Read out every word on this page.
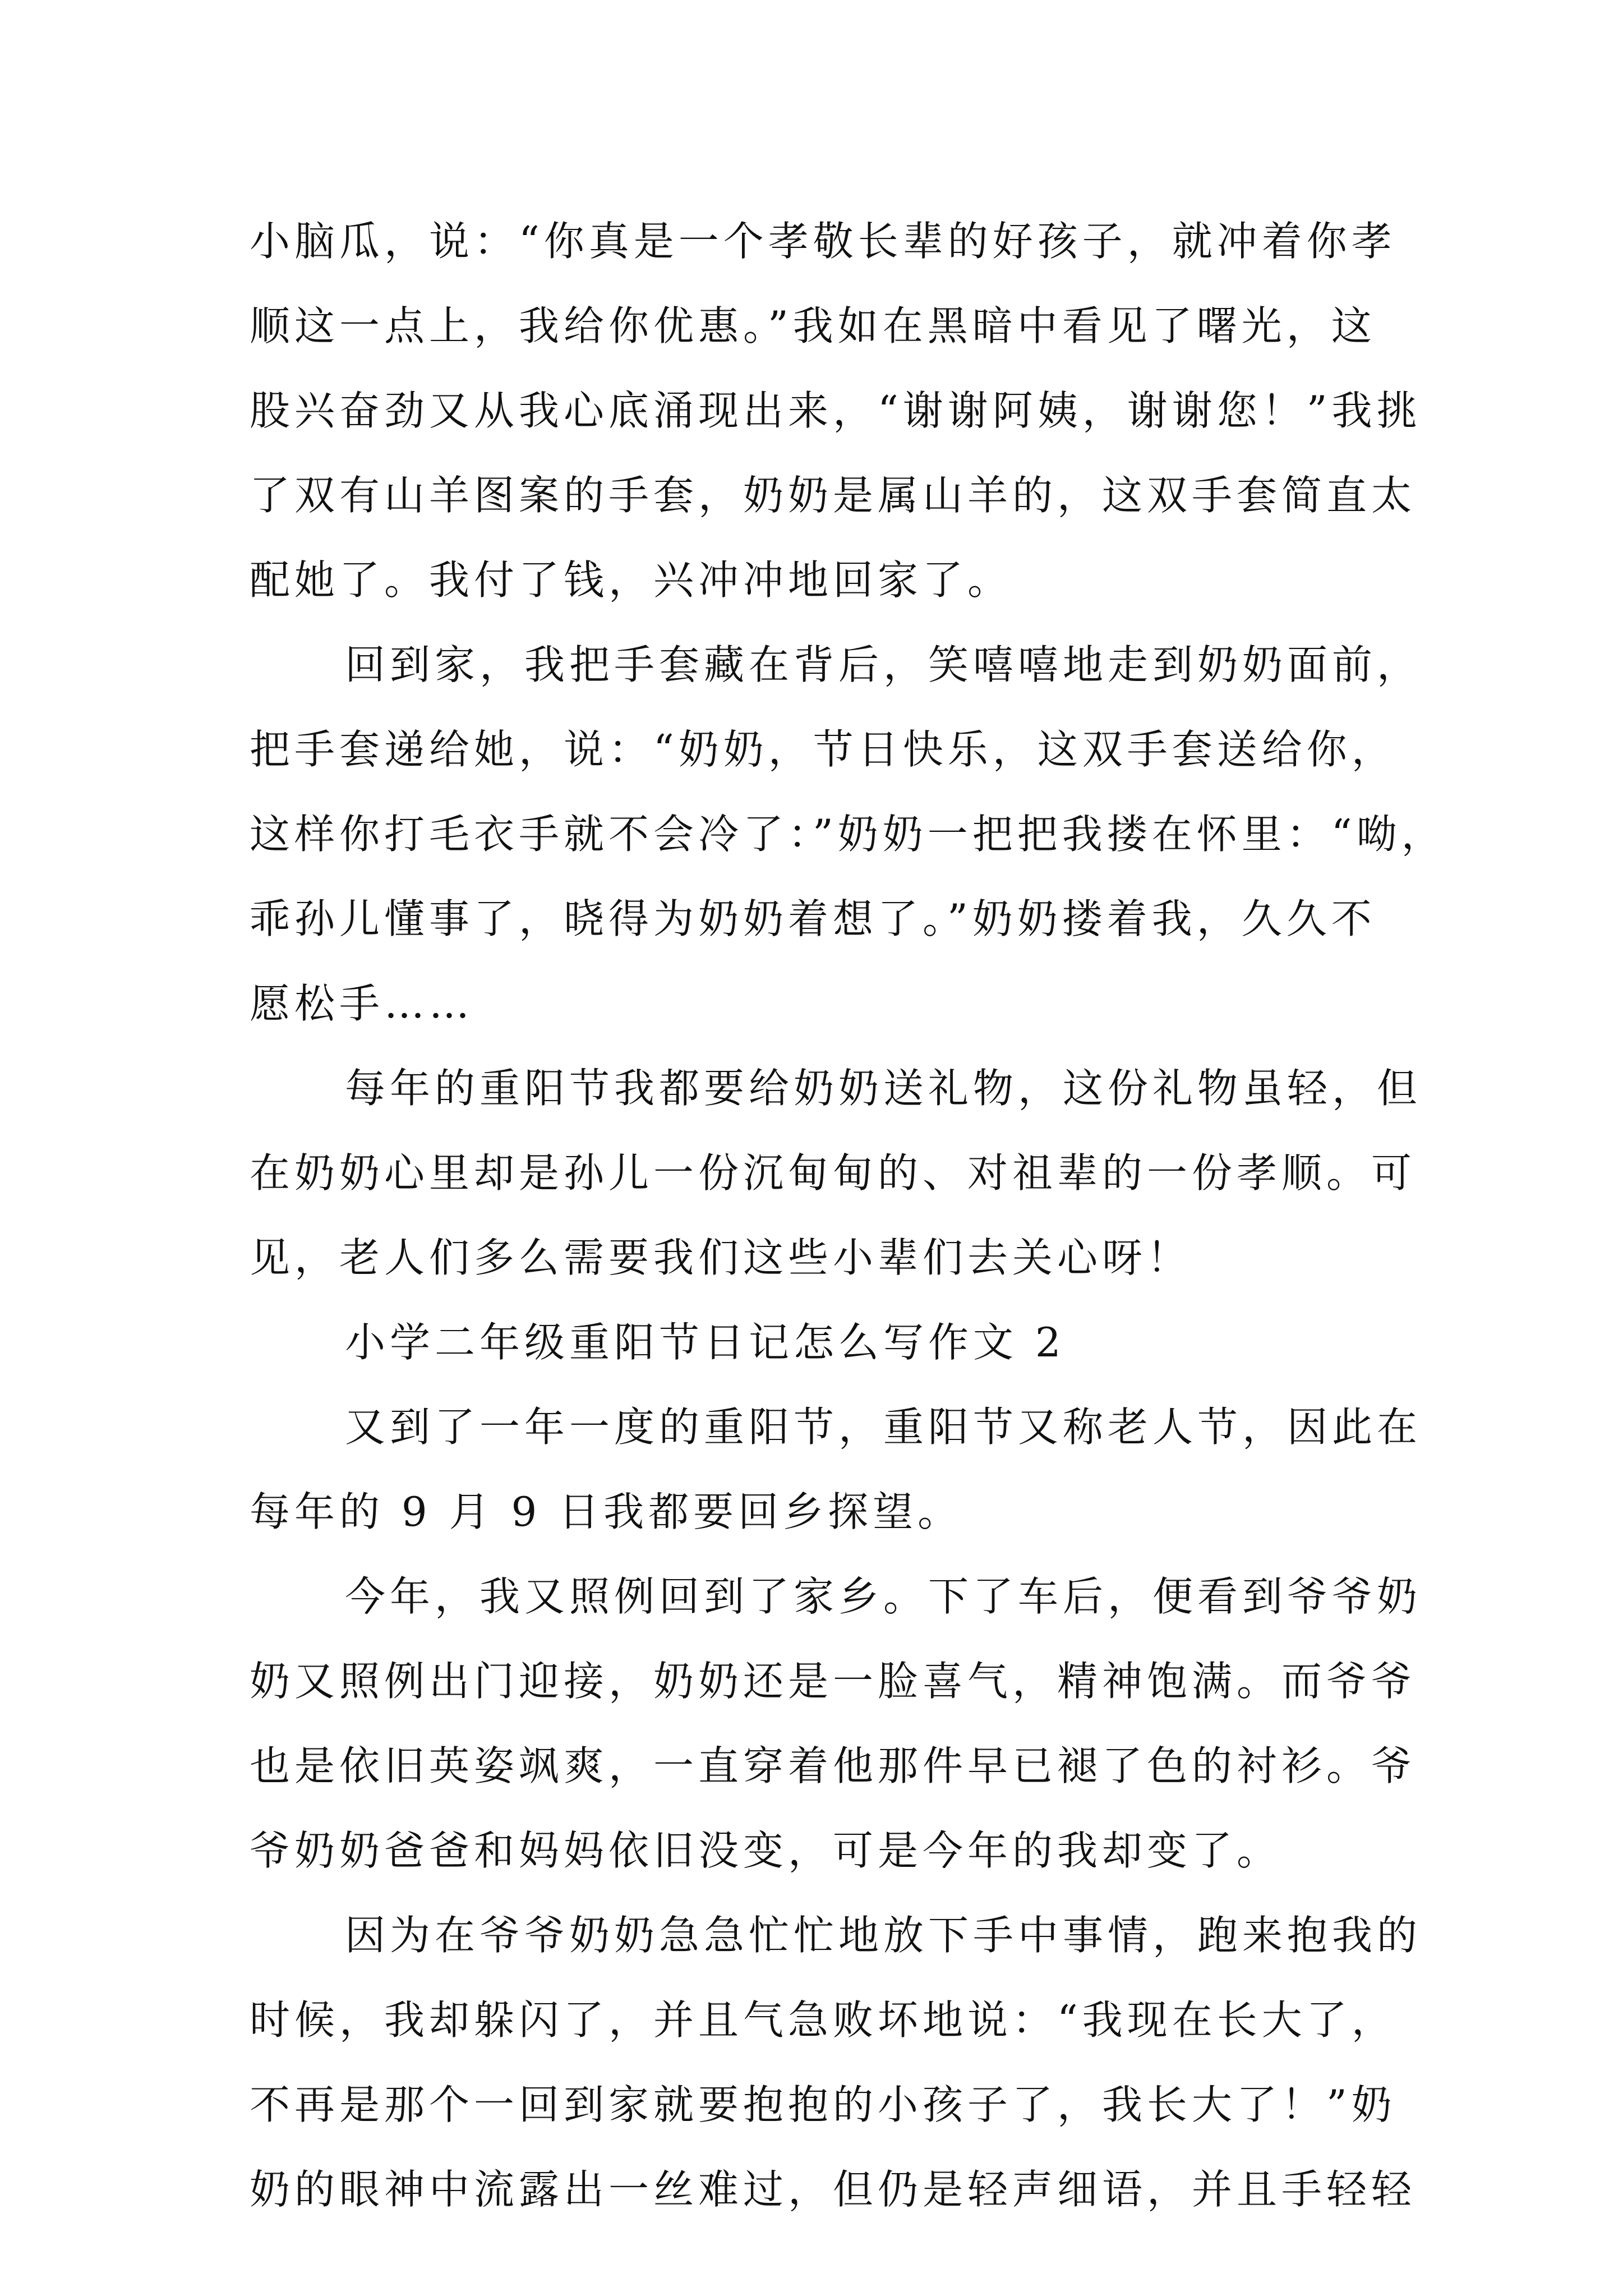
小脑瓜，说：“你真是一个孝敬长辈的好孩子，就冲着你孝
顺这一点上，我给你优惠。”我如在黑暗中看见了曙光，这
股兴奋劲又从我心底涌现出来，“谢谢阿姨，谢谢您！”我挑
了双有山羊图案的手套，奶奶是属山羊的，这双手套简直太
配她了。我付了钱，兴冲冲地回家了。
回到家，我把手套藏在背后，笑嘻嘻地走到奶奶面前，
把手套递给她，说：“奶奶，节日快乐，这双手套送给你，
这样你打毛衣手就不会冷了：”奶奶一把把我搂在怀里：“呦，
乖孙儿懂事了，晓得为奶奶着想了。”奶奶搂着我，久久不
愿松手……
每年的重阳节我都要给奶奶送礼物，这份礼物虽轻，但
在奶奶心里却是孙儿一份沉甸甸的、对祖辈的一份孝顺。可
见，老人们多么需要我们这些小辈们去关心呀！
小学二年级重阳节日记怎么写作文 2
又到了一年一度的重阳节，重阳节又称老人节，因此在
每年的 9 月 9 日我都要回乡探望。
今年，我又照例回到了家乡。下了车后，便看到爷爷奶
奶又照例出门迎接，奶奶还是一脸喜气，精神饱满。而爷爷
也是依旧英姿飒爽，一直穿着他那件早已褪了色的衬衫。爷
爷奶奶爸爸和妈妈依旧没变，可是今年的我却变了。
因为在爷爷奶奶急急忙忙地放下手中事情，跑来抱我的
时候，我却躲闪了，并且气急败坏地说：“我现在长大了，
不再是那个一回到家就要抱抱的小孩子了，我长大了！”奶
奶的眼神中流露出一丝难过，但仍是轻声细语，并且手轻轻
